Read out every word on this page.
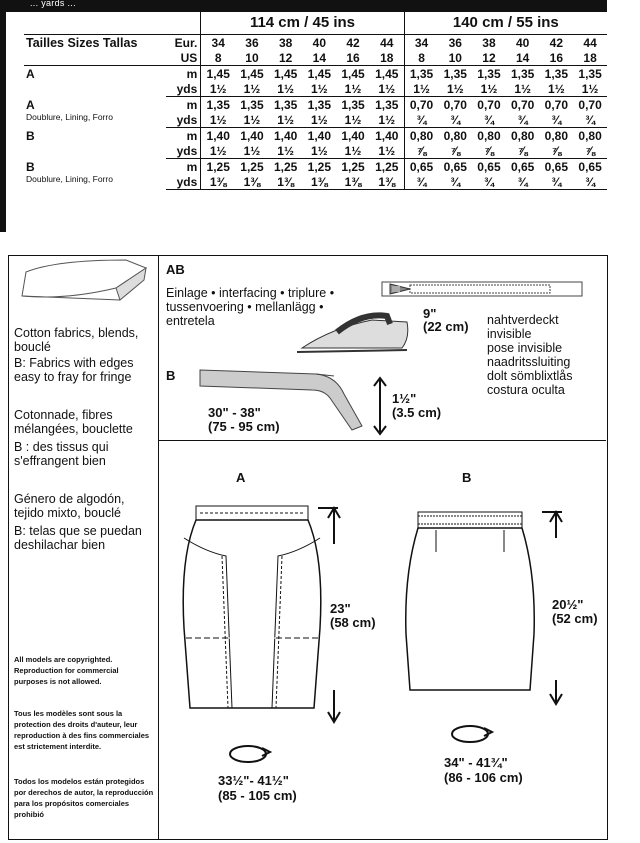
... yards ...
		114 cm / 45 ins						140 cm / 55 ins					
Tailles Sizes Tallas	Eur.	34	36	38	40	42	44	34	36	38	40	42	44
	US	8	10	12	14	16	18	8	10	12	14	16	18
A	m	1,45	1,45	1,45	1,45	1,45	1,45	1,35	1,35	1,35	1,35	1,35	1,35
	yds	1½	1½	1½	1½	1½	1½	1½	1½	1½	1½	1½	1½
A
Doublure, Lining, Forro	m	1,35	1,35	1,35	1,35	1,35	1,35	0,70	0,70	0,70	0,70	0,70	0,70
	yds	1½	1½	1½	1½	1½	1½	¾	¾	¾	¾	¾	¾
B	m	1,40	1,40	1,40	1,40	1,40	1,40	0,80	0,80	0,80	0,80	0,80	0,80
	yds	1½	1½	1½	1½	1½	1½	⅞	⅞	⅞	⅞	⅞	⅞
B
Doublure, Lining, Forro	m	1,25	1,25	1,25	1,25	1,25	1,25	0,65	0,65	0,65	0,65	0,65	0,65
	yds	1⅜	1⅜	1⅜	1⅜	1⅜	1⅜	¾	¾	¾	¾	¾	¾
Cotton fabrics, blends, bouclé
B: Fabrics with edges easy to fray for fringe
Cotonnade, fibres mélangées, bouclette
B : des tissus qui s'effrangent bien
Género de algodón, tejido mixto, bouclé
B: telas que se puedan deshilachar bien
All models are copyrighted. Reproduction for commercial purposes is not allowed.
Tous les modèles sont sous la protection des droits d'auteur, leur reproduction à des fins commerciales est strictement interdite.
Todos los modelos están protegidos por derechos de autor, la reproducción para los propósitos comerciales prohibió
AB
Einlage • interfacing • triplure • tussenvoering • mellanlägg • entretela	9"
(22 cm) nahtverdeckt
invisible
pose invisible
naadritssluiting
dolt sömblixtlås
costura oculta
B
30" - 38"
(75 - 95 cm)
1½"
(3.5 cm)
A
23"
(58 cm)
33½"- 41½"
(85 - 105 cm)
B
20½"
(52 cm)
34" - 41¾"
(86 - 106 cm)
